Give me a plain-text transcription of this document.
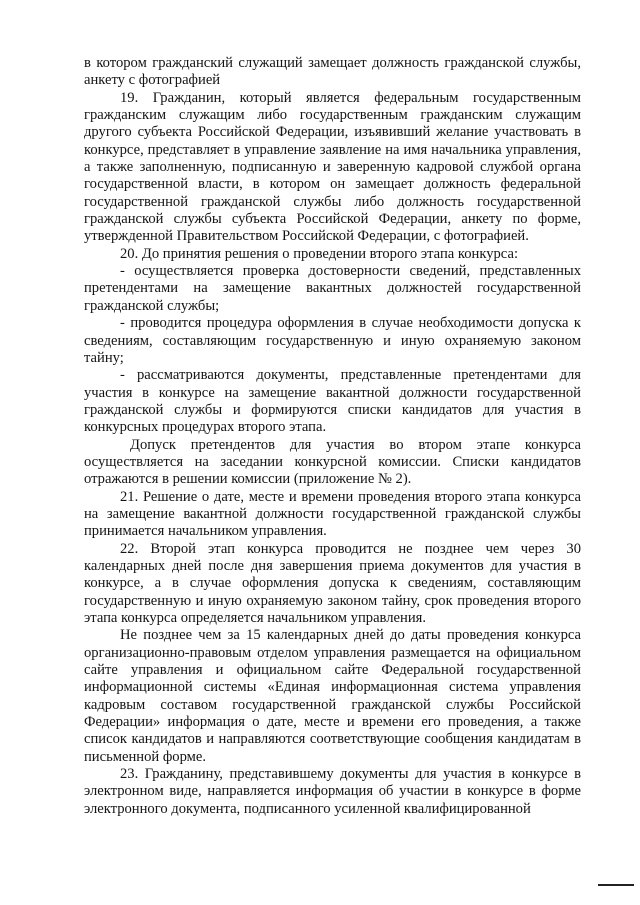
в котором гражданский служащий замещает должность гражданской службы, анкету с фотографией

19. Гражданин, который является федеральным государственным гражданским служащим либо государственным гражданским служащим другого субъекта Российской Федерации, изъявивший желание участвовать в конкурсе, представляет в управление заявление на имя начальника управления, а также заполненную, подписанную и заверенную кадровой службой органа государственной власти, в котором он замещает должность федеральной государственной гражданской службы либо должность государственной гражданской службы субъекта Российской Федерации, анкету по форме, утвержденной Правительством Российской Федерации, с фотографией.

20. До принятия решения о проведении второго этапа конкурса:

- осуществляется проверка достоверности сведений, представленных претендентами на замещение вакантных должностей государственной гражданской службы;

- проводится процедура оформления в случае необходимости допуска к сведениям, составляющим государственную и иную охраняемую законом тайну;

- рассматриваются документы, представленные претендентами для участия в конкурсе на замещение вакантной должности государственной гражданской службы и формируются списки кандидатов для участия в конкурсных процедурах второго этапа.

Допуск претендентов для участия во втором этапе конкурса осуществляется на заседании конкурсной комиссии. Списки кандидатов отражаются в решении комиссии (приложение № 2).

21. Решение о дате, месте и времени проведения второго этапа конкурса на замещение вакантной должности государственной гражданской службы принимается начальником управления.

22. Второй этап конкурса проводится не позднее чем через 30 календарных дней после дня завершения приема документов для участия в конкурсе, а в случае оформления допуска к сведениям, составляющим государственную и иную охраняемую законом тайну, срок проведения второго этапа конкурса определяется начальником управления.

Не позднее чем за 15 календарных дней до даты проведения конкурса организационно-правовым отделом управления размещается на официальном сайте управления и официальном сайте Федеральной государственной информационной системы «Единая информационная система управления кадровым составом государственной гражданской службы Российской Федерации» информация о дате, месте и времени его проведения, а также список кандидатов и направляются соответствующие сообщения кандидатам в письменной форме.

23. Гражданину, представившему документы для участия в конкурсе в электронном виде, направляется информация об участии в конкурсе в форме электронного документа, подписанного усиленной квалифицированной
